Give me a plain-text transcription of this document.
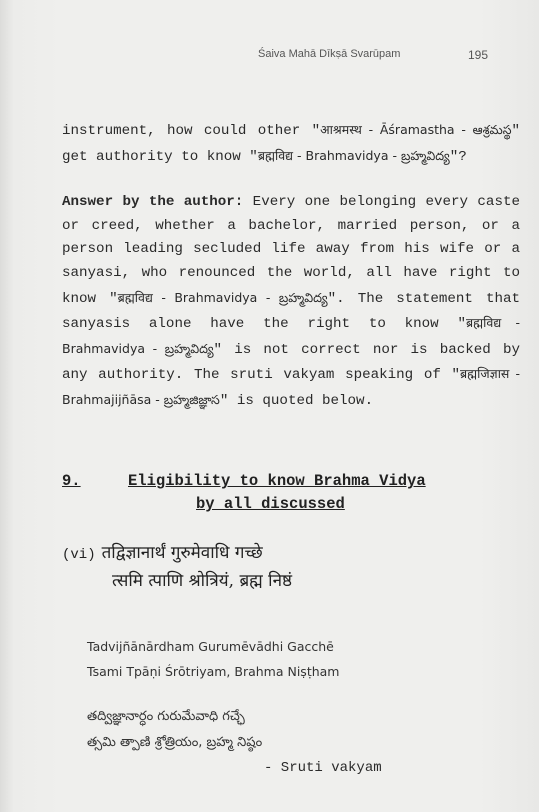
Śaiva Mahā Dīkṣā Svarūpam	195

instrument, how could other "आश्रमस्थ - Āśramastha - ఆశ్రమస్థ" get authority to know "ब्रह्मविद्य - Brahmavidya - బ్రహ్మవిద్య"?

Answer by the author: Every one belonging every caste or creed, whether a bachelor, married person, or a person leading secluded life away from his wife or a sanyasi, who renounced the world, all have right to know "ब्रह्मविद्य - Brahmavidya - బ్రహ్మవిద్య". The statement that sanyasis alone have the right to know "ब्रह्मविद्य - Brahmavidya - బ్రహ్మవిద్య" is not correct nor is backed by any authority. The sruti vakyam speaking of "ब्रह्मजिज्ञास - Brahmajijñāsa - బ్రహ్మజిజ్ఞాస" is quoted below.

9.	Eligibility to know Brahma Vidya
by all discussed
(vi) तद्विज्ञानार्थं गुरुमेवाधि गच्छे
त्समि त्पाणि श्रोत्रियं, ब्रह्म निष्ठं
Tadvijñānārdham Gurumēvādhi Gacchē
Tsami Tpāṇi Śrōtriyam, Brahma Niṣṭham
తద్విజ్ఞానార్ధం గురుమేవాధి గచ్ఛే
త్సమి త్పాణి శ్రోత్రియం, బ్రహ్మ నిష్ఠం
- Sruti vakyam
